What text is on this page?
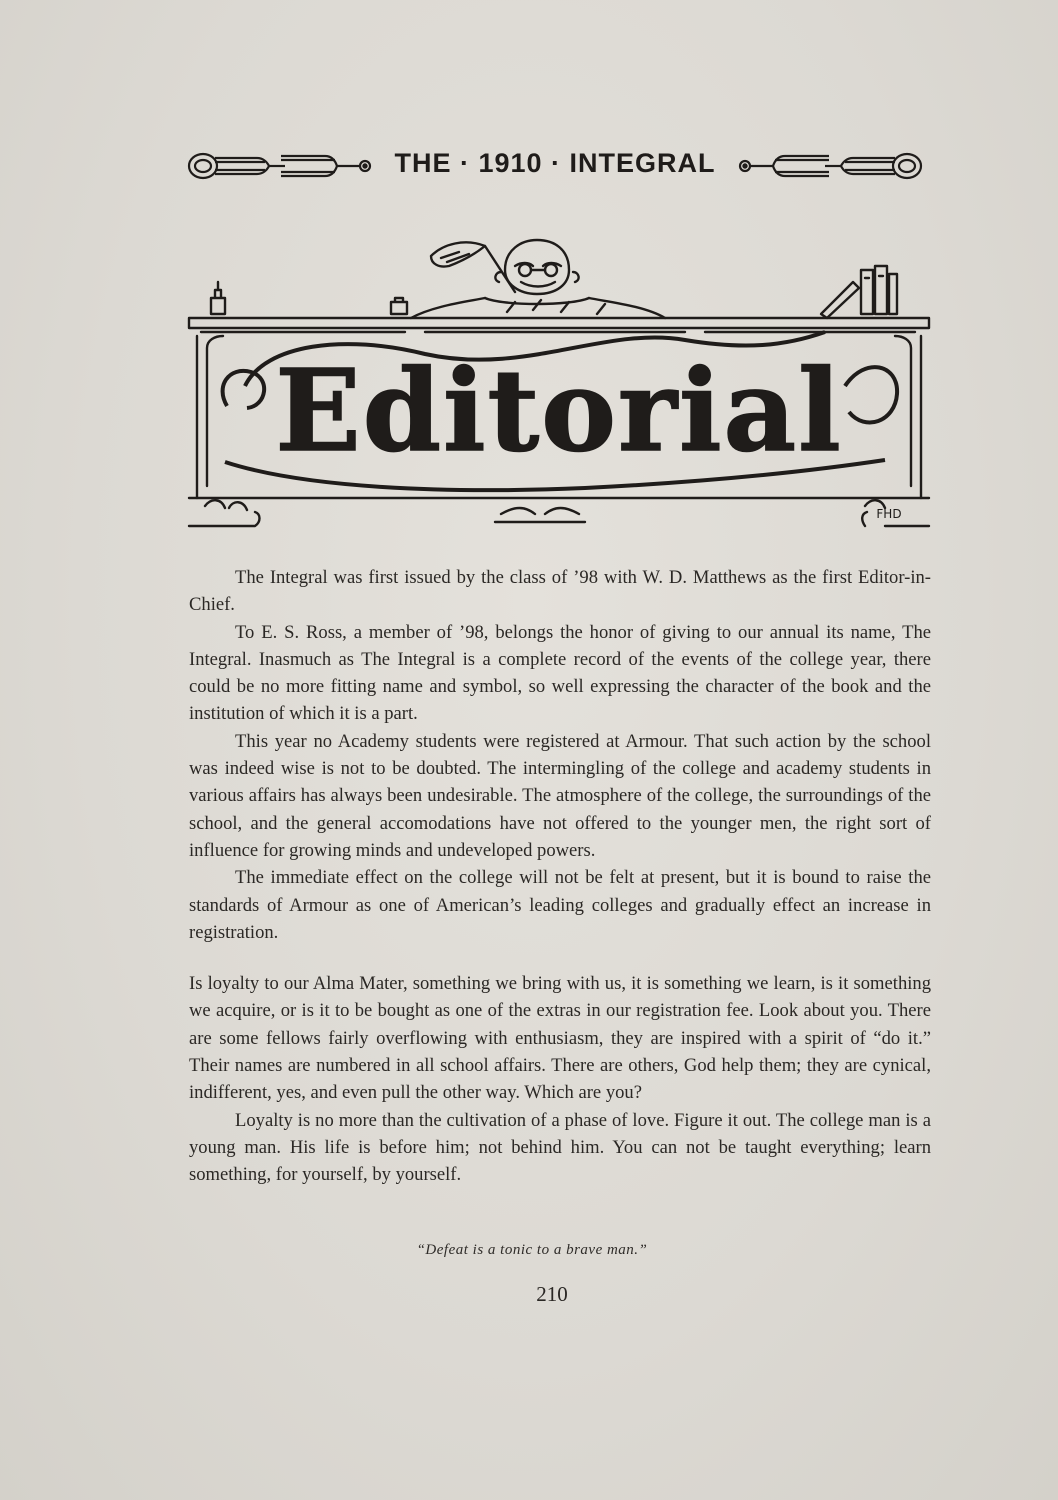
THE · 1910 · INTEGRAL
Editorial
FHD

The Integral was first issued by the class of ’98 with W. D. Matthews as the first Editor-in-Chief.

To E. S. Ross, a member of ’98, belongs the honor of giving to our annual its name, The Integral. Inasmuch as The Integral is a complete record of the events of the college year, there could be no more fitting name and symbol, so well expressing the character of the book and the institution of which it is a part.

This year no Academy students were registered at Armour. That such action by the school was indeed wise is not to be doubted. The intermingling of the college and academy students in various affairs has always been undesirable. The atmosphere of the college, the surroundings of the school, and the general accomodations have not offered to the younger men, the right sort of influence for growing minds and undeveloped powers.

The immediate effect on the college will not be felt at present, but it is bound to raise the standards of Armour as one of American’s leading colleges and gradually effect an increase in registration.

Is loyalty to our Alma Mater, something we bring with us, it is something we learn, is it something we acquire, or is it to be bought as one of the extras in our registration fee. Look about you. There are some fellows fairly overflowing with enthusiasm, they are inspired with a spirit of “do it.” Their names are numbered in all school affairs. There are others, God help them; they are cynical, indifferent, yes, and even pull the other way. Which are you?

Loyalty is no more than the cultivation of a phase of love. Figure it out. The college man is a young man. His life is before him; not behind him. You can not be taught everything; learn something, for yourself, by yourself.

“Defeat is a tonic to a brave man.”
210
